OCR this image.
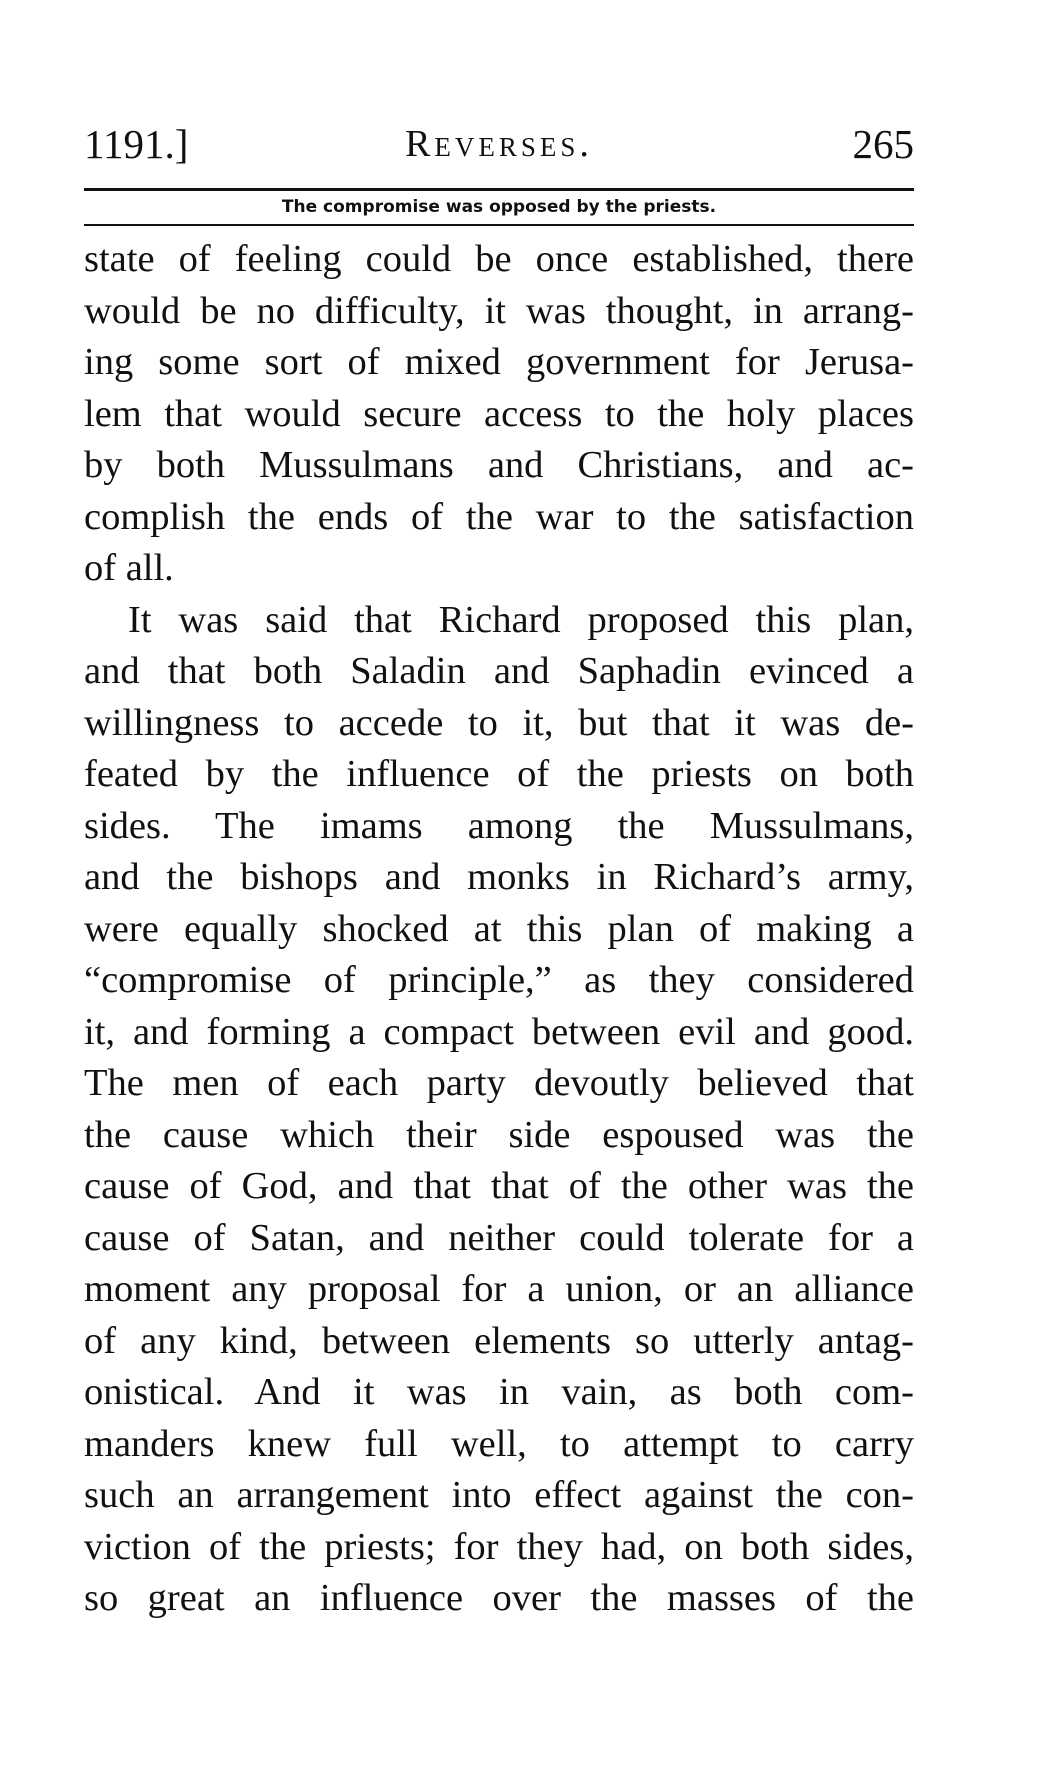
1191.]	Reverses.	265
The compromise was opposed by the priests.
state of feeling could be once established, there
would be no difficulty, it was thought, in arrang-
ing some sort of mixed government for Jerusa-
lem that would secure access to the holy places
by both Mussulmans and Christians, and ac-
complish the ends of the war to the satisfaction
of all.
It was said that Richard proposed this plan,
and that both Saladin and Saphadin evinced a
willingness to accede to it, but that it was de-
feated by the influence of the priests on both
sides. The imams among the Mussulmans,
and the bishops and monks in Richard’s army,
were equally shocked at this plan of making a
“compromise of principle,” as they considered
it, and forming a compact between evil and good.
The men of each party devoutly believed that
the cause which their side espoused was the
cause of God, and that that of the other was the
cause of Satan, and neither could tolerate for a
moment any proposal for a union, or an alliance
of any kind, between elements so utterly antag-
onistical. And it was in vain, as both com-
manders knew full well, to attempt to carry
such an arrangement into effect against the con-
viction of the priests; for they had, on both sides,
so great an influence over the masses of the
